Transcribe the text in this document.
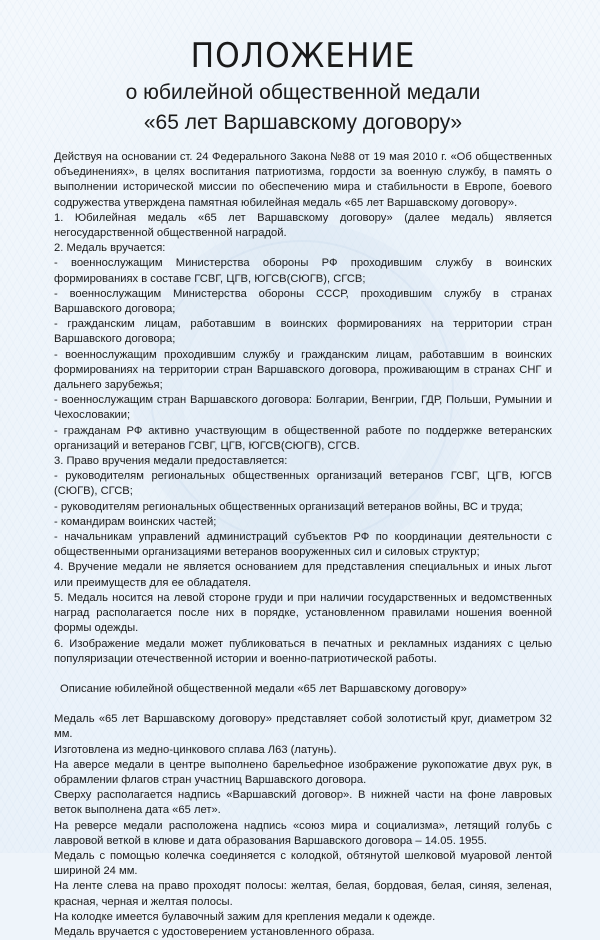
ПОЛОЖЕНИЕ
о юбилейной общественной медали
«65 лет Варшавскому договору»

Действуя на основании ст. 24 Федерального Закона №88 от 19 мая 2010 г. «Об общественных объединениях», в целях воспитания патриотизма, гордости за военную службу, в память о выполнении исторической миссии по обеспечению мира и стабильности в Европе, боевого содружества утверждена памятная юбилейная медаль «65 лет Варшавскому договору».

1. Юбилейная медаль «65 лет Варшавскому договору» (далее медаль) является негосударственной общественной наградой.

2. Медаль вручается:

- военнослужащим Министерства обороны РФ проходившим службу в воинских формированиях в составе ГСВГ, ЦГВ, ЮГСВ(СЮГВ), СГСВ;

- военнослужащим Министерства обороны СССР, проходившим службу в странах Варшавского договора;

- гражданским лицам, работавшим в воинских формированиях на территории стран Варшавского договора;

- военнослужащим проходившим службу и гражданским лицам, работавшим в воинских формированиях на территории стран Варшавского договора, проживающим в странах СНГ и дальнего зарубежья;

- военнослужащим стран Варшавского договора: Болгарии, Венгрии, ГДР, Польши, Румынии и Чехословакии;

- гражданам РФ активно участвующим в общественной работе по поддержке ветеранских организаций и ветеранов ГСВГ, ЦГВ, ЮГСВ(СЮГВ), СГСВ.

3. Право вручения медали предоставляется:

- руководителям региональных общественных организаций ветеранов ГСВГ, ЦГВ, ЮГСВ (СЮГВ), СГСВ;

- руководителям региональных общественных организаций ветеранов войны, ВС и труда;

- командирам воинских частей;

- начальникам управлений администраций субъектов РФ по координации деятельности с общественными организациями ветеранов вооруженных сил и силовых структур;

4. Вручение медали не является основанием для представления специальных и иных льгот или преимуществ для ее обладателя.

5. Медаль носится на левой стороне груди и при наличии государственных и ведомственных наград располагается после них в порядке, установленном правилами ношения военной формы одежды.

6. Изображение медали может публиковаться в печатных и рекламных изданиях с целью популяризации отечественной истории и военно-патриотической работы.

Описание юбилейной общественной медали «65 лет Варшавскому договору»

Медаль «65 лет Варшавскому договору» представляет собой золотистый круг, диаметром 32 мм.

Изготовлена из медно-цинкового сплава Л63 (латунь).

На аверсе медали в центре выполнено барельефное изображение рукопожатие двух рук, в обрамлении флагов стран участниц Варшавского договора.

Сверху располагается надпись «Варшавский договор». В нижней части на фоне лавровых веток выполнена дата «65 лет».

На реверсе медали расположена надпись «союз мира и социализма», летящий голубь с лавровой веткой в клюве и дата образования Варшавского договора – 14.05. 1955.

Медаль с помощью колечка соединяется с колодкой, обтянутой шелковой муаровой лентой шириной 24 мм.

На ленте слева на право проходят полосы: желтая, белая, бордовая, белая, синяя, зеленая, красная, черная и желтая полосы.

На колодке имеется булавочный зажим для крепления медали к одежде.

Медаль вручается с удостоверением установленного образа.
